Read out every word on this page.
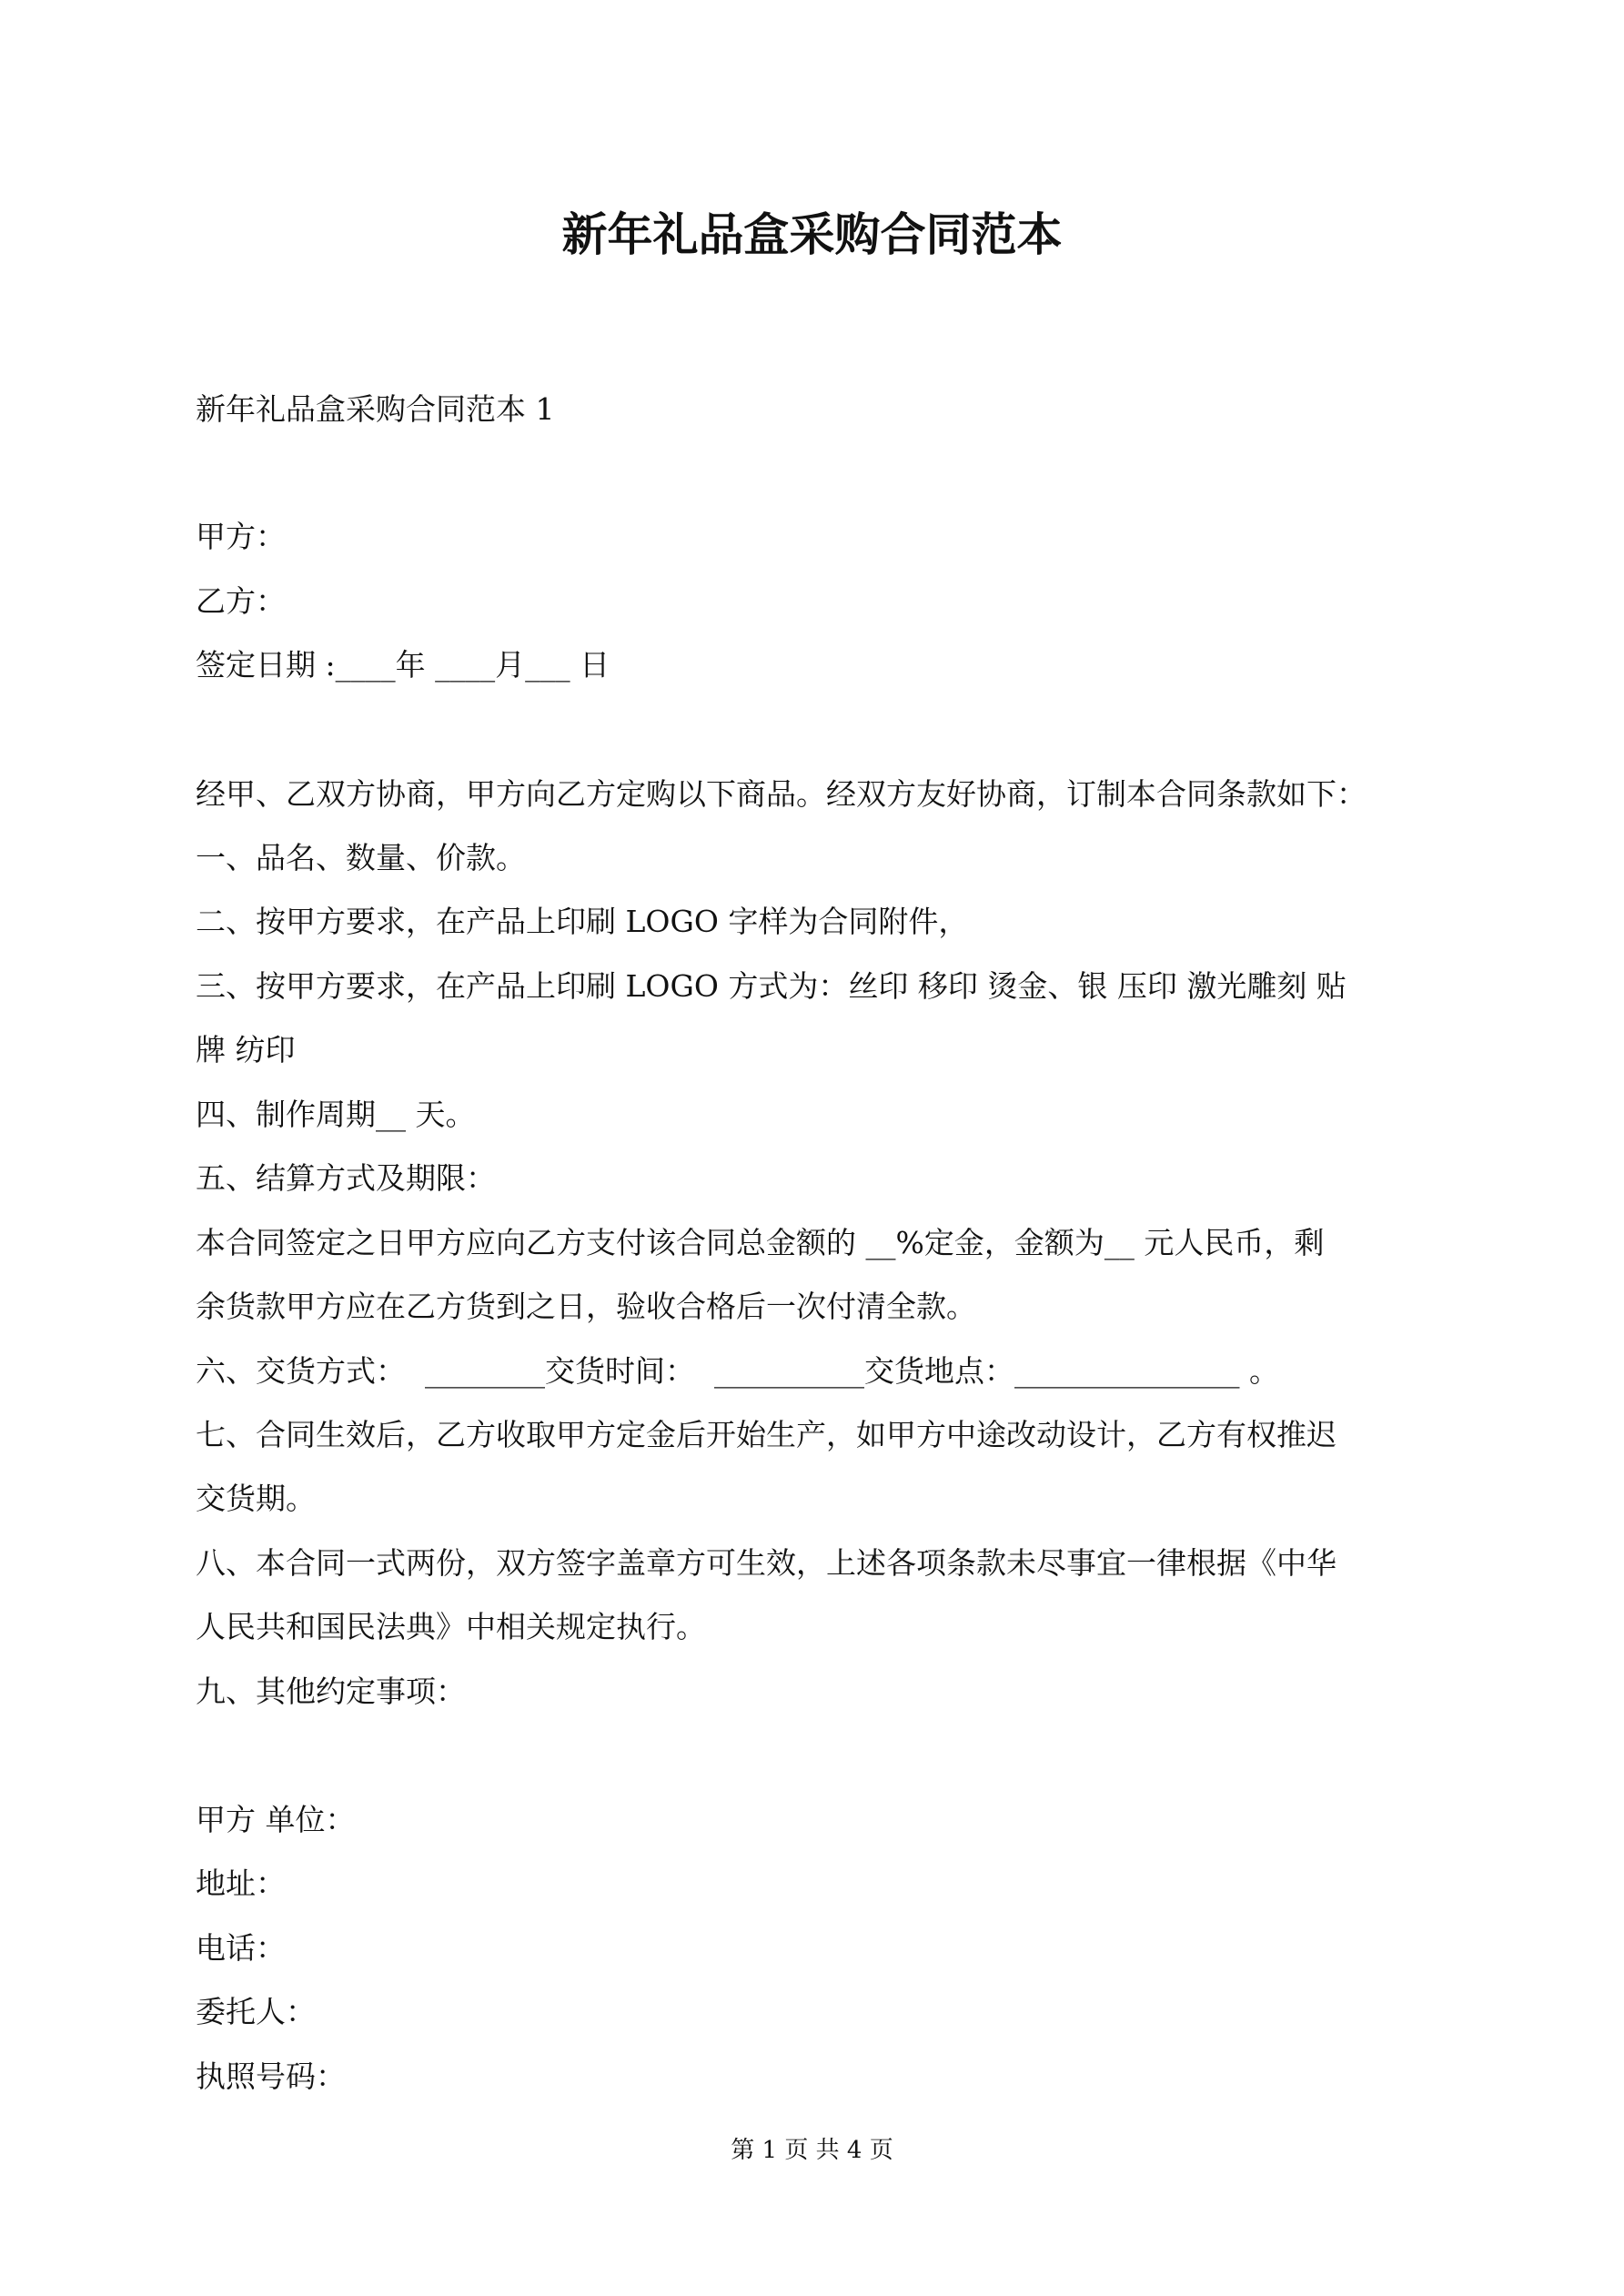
新年礼品盒采购合同范本
新年礼品盒采购合同范本 1
甲方：
乙方：
签定日期 :____年 ____月___ 日
经甲、乙双方协商，甲方向乙方定购以下商品。经双方友好协商，订制本合同条款如下：
一、品名、数量、价款。
二、按甲方要求，在产品上印刷 LOGO 字样为合同附件，
三、按甲方要求，在产品上印刷 LOGO 方式为：丝印 移印 烫金、银 压印 激光雕刻 贴
牌 纺印
四、制作周期__ 天。
五、结算方式及期限：
本合同签定之日甲方应向乙方支付该合同总金额的 __%定金，金额为__ 元人民币，剩
余货款甲方应在乙方货到之日，验收合格后一次付清全款。
六、交货方式：  ________交货时间：  __________交货地点：_______________ 。
七、合同生效后，乙方收取甲方定金后开始生产，如甲方中途改动设计，乙方有权推迟
交货期。
八、本合同一式两份，双方签字盖章方可生效，上述各项条款未尽事宜一律根据《中华
人民共和国民法典》中相关规定执行。
九、其他约定事项：
甲方 单位：
地址：
电话：
委托人：
执照号码：
第 1 页 共 4 页
